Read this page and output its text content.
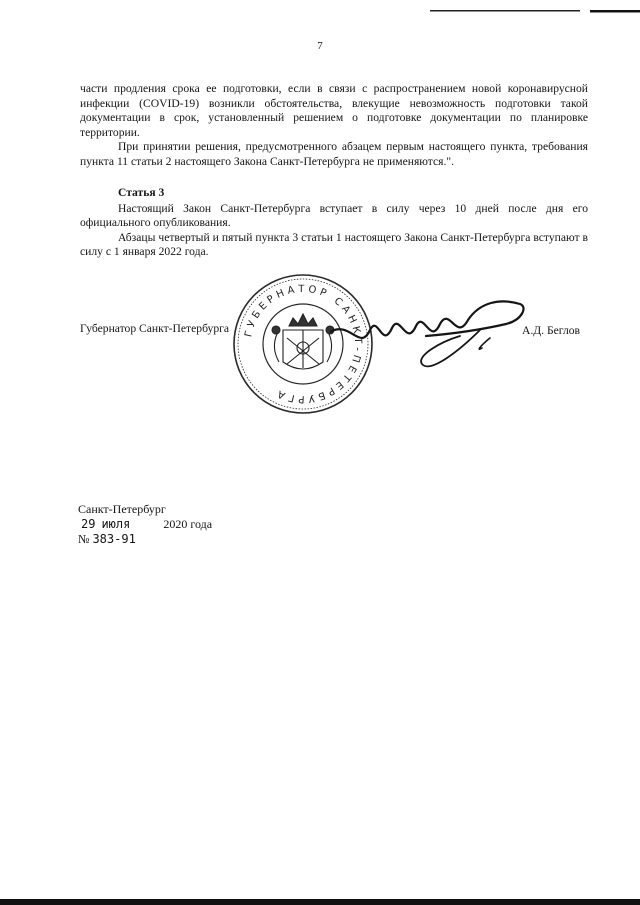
7

части продления срока ее подготовки, если в связи с распространением новой коронавирусной инфекции (COVID-19) возникли обстоятельства, влекущие невозможность подготовки такой документации в срок, установленный решением о подготовке документации по планировке территории.

При принятии решения, предусмотренного абзацем первым настоящего пункта, требования пункта 11 статьи 2 настоящего Закона Санкт-Петербурга не применяются.".

Статья 3

Настоящий Закон Санкт-Петербурга вступает в силу через 10 дней после дня его официального опубликования.

Абзацы четвертый и пятый пункта 3 статьи 1 настоящего Закона Санкт-Петербурга вступают в силу с 1 января 2022 года.

Губернатор Санкт-Петербурга ГУБЕРНАТОР САНКТ-ПЕТЕРБУРГА
А.Д. Беглов
Санкт-Петербург
29 июля	2020 года
№ 383-91
